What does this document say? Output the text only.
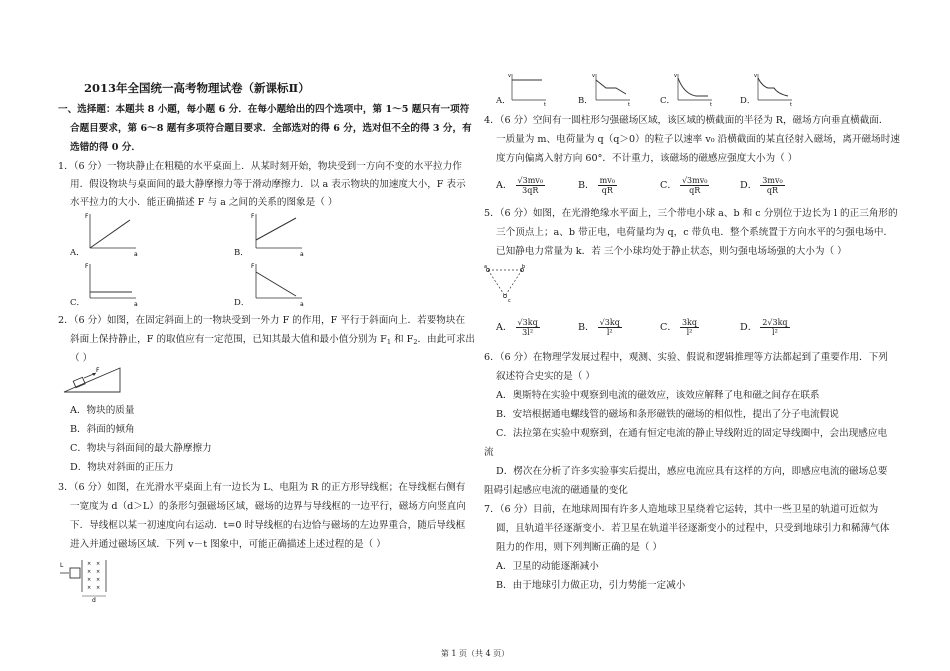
2013年全国统一高考物理试卷（新课标Ⅱ）
一、选择题：本题共 8 小题，每小题 6 分．在每小题给出的四个选项中，第 1～5 题只有一项符
合题目要求，第 6～8 题有多项符合题目要求．全部选对的得 6 分，选对但不全的得 3 分，有
选错的得 0 分．
1．（6 分）一物块静止在粗糙的水平桌面上．从某时刻开始，物块受到一方向不变的水平拉力作
用．假设物块与桌面间的最大静摩擦力等于滑动摩擦力．以 a 表示物块的加速度大小，F 表示
水平拉力的大小．能正确描述 F 与 a 之间的关系的图象是（ ）
A．
F
a	B．
F
a
C．
F
a	D．
F
a
2．（6 分）如图，在固定斜面上的一物块受到一外力 F 的作用，F 平行于斜面向上．若要物块在
斜面上保持静止，F 的取值应有一定范围，已知其最大值和最小值分别为 $F_1$ 和 $F_2$．由此可求出
（ ）
F
A．物块的质量
B．斜面的倾角
C．物块与斜面间的最大静摩擦力
D．物块对斜面的正压力
3．（6 分）如图，在光滑水平桌面上有一边长为 L、电阻为 R 的正方形导线框；在导线框右侧有
一宽度为 d（d＞L）的条形匀强磁场区域，磁场的边界与导线框的一边平行，磁场方向竖直向
下．导线框以某一初速度向右运动．t=0 时导线框的右边恰与磁场的左边界重合，随后导线框
进入并通过磁场区域．下列 v－t 图象中，可能正确描述上述过程的是（ ）
L	× ×
× ×
× ×
× ×
d
A．
v
t	B．
v
t	C．
v
t	D．
v
t
4．（6 分）空间有一圆柱形匀强磁场区域，该区域的横截面的半径为 R，磁场方向垂直横截面．
一质量为 m、电荷量为 q（q＞0）的粒子以速率 v₀ 沿横截面的某直径射入磁场，离开磁场时速
度方向偏离入射方向 60°．不计重力，该磁场的磁感应强度大小为（ ）
A． $\frac{\text{√3mv₀}}{3qR}$	B． $\frac{\text{mv₀}}{qR}$	C． $\frac{\text{√3mv₀}}{qR}$	D． $\frac{\text{3mv₀}}{qR}$
5．（6 分）如图，在光滑绝缘水平面上，三个带电小球 a、b 和 c 分别位于边长为 l 的正三角形的
三个顶点上；a、b 带正电，电荷量均为 q，c 带负电．整个系统置于方向水平的匀强电场中．
已知静电力常量为 k．若 三个小球均处于静止状态，则匀强电场场强的大小为（ ）
a	b
c
A． $\frac{√3kq}{\text{3l²}}$	B． $\frac{√3kq}{\text{l²}}$	C． $\frac{3kq}{\text{l²}}$	D． $\frac{2√3kq}{\text{l²}}$
6．（6 分）在物理学发展过程中，观测、实验、假说和逻辑推理等方法都起到了重要作用．下列
叙述符合史实的是（ ）
A．奥斯特在实验中观察到电流的磁效应，该效应解释了电和磁之间存在联系
B．安培根据通电螺线管的磁场和条形磁铁的磁场的相似性，提出了分子电流假说
C．法拉第在实验中观察到，在通有恒定电流的静止导线附近的固定导线圈中，会出现感应电
流
D．楞次在分析了许多实验事实后提出，感应电流应具有这样的方向，即感应电流的磁场总要
阻碍引起感应电流的磁通量的变化
7．（6 分）目前，在地球周围有许多人造地球卫星绕着它运转，其中一些卫星的轨道可近似为
圆，且轨道半径逐渐变小．若卫星在轨道半径逐渐变小的过程中，只受到地球引力和稀薄气体
阻力的作用，则下列判断正确的是（ ）
A．卫星的动能逐渐减小
B．由于地球引力做正功，引力势能一定减小
第 1 页（共 4 页）
